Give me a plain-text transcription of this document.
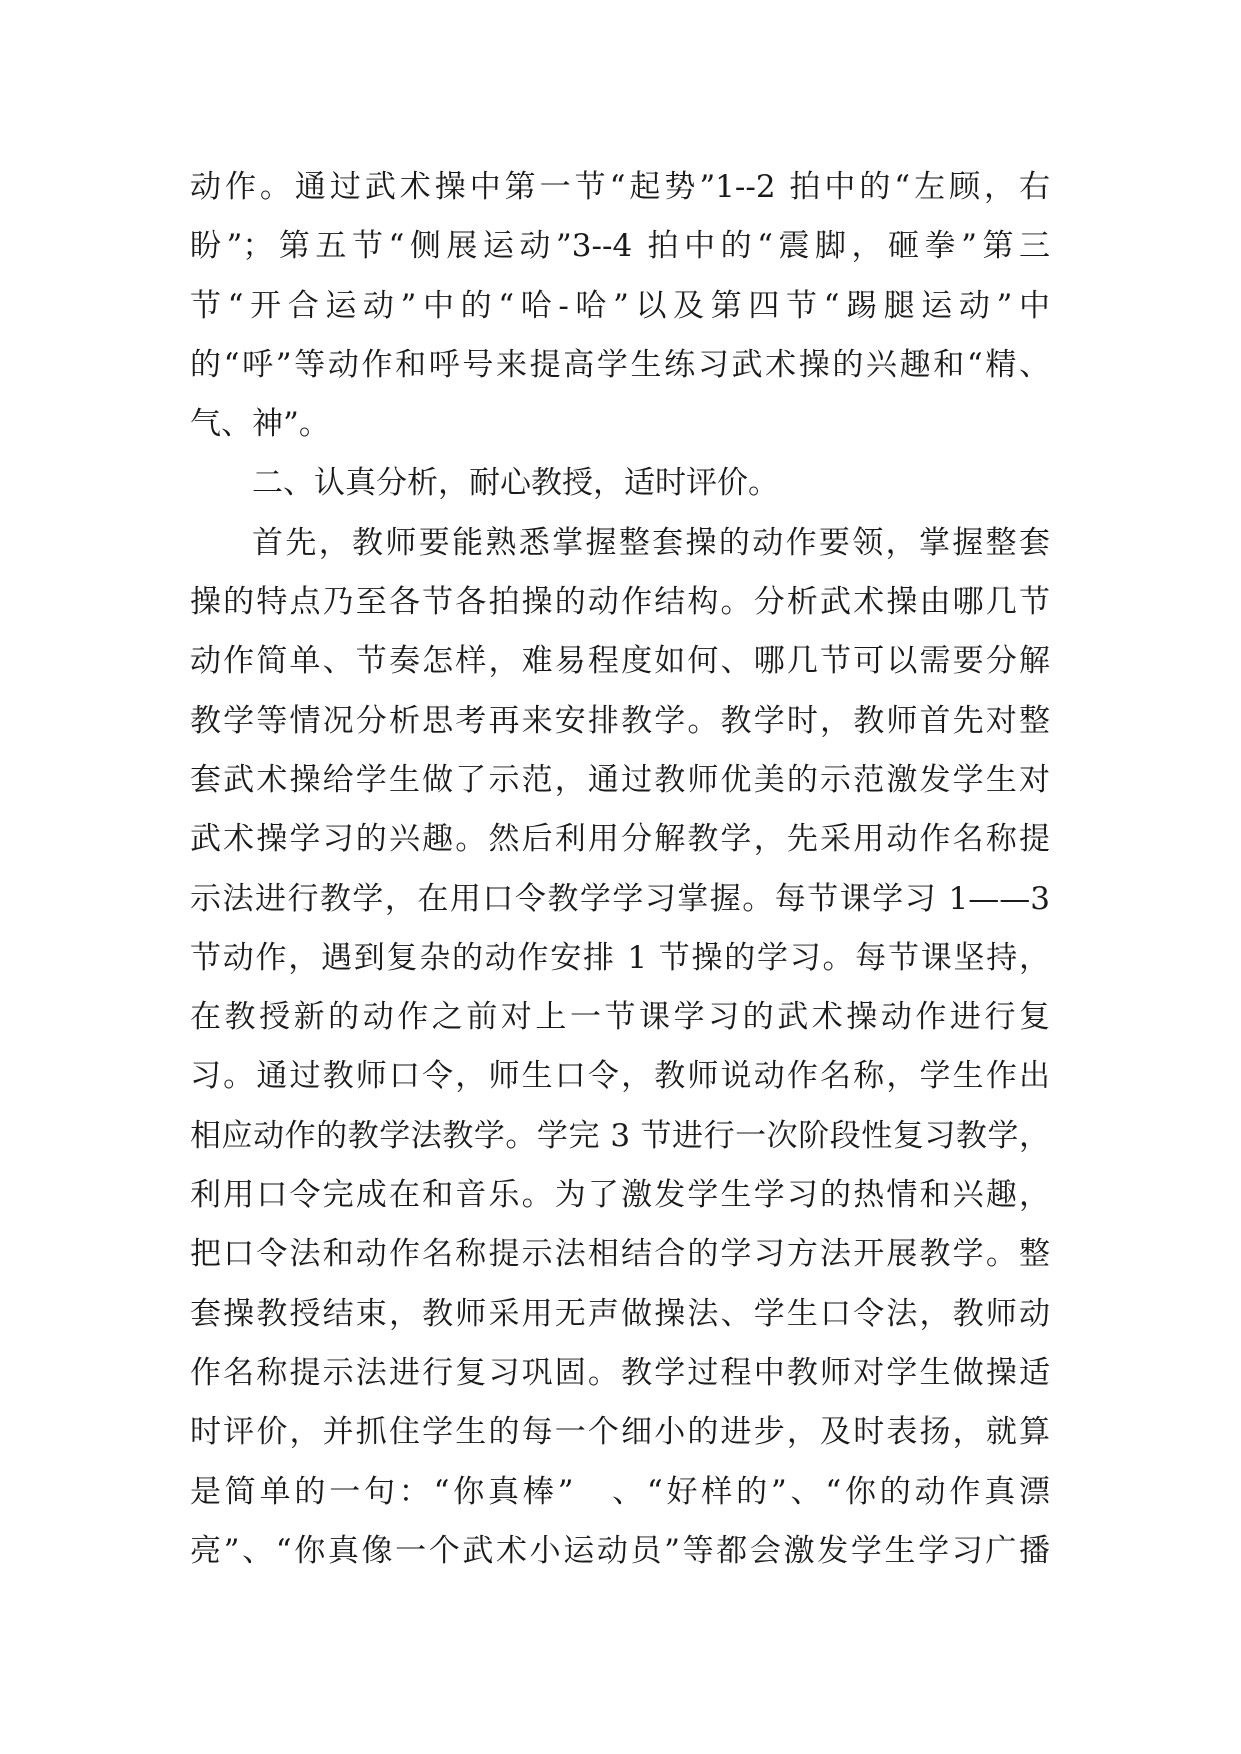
动作。通过武术操中第一节“起势”1--2 拍中的“左顾，右
盼”；第五节“侧展运动”3--4 拍中的“震脚，砸拳”第三
节“开合运动”中的“哈-哈”以及第四节“踢腿运动”中
的“呼”等动作和呼号来提高学生练习武术操的兴趣和“精、
气、神”。
二、认真分析，耐心教授，适时评价。
首先，教师要能熟悉掌握整套操的动作要领，掌握整套
操的特点乃至各节各拍操的动作结构。分析武术操由哪几节
动作简单、节奏怎样，难易程度如何、哪几节可以需要分解
教学等情况分析思考再来安排教学。教学时，教师首先对整
套武术操给学生做了示范，通过教师优美的示范激发学生对
武术操学习的兴趣。然后利用分解教学，先采用动作名称提
示法进行教学，在用口令教学学习掌握。每节课学习 1——3
节动作，遇到复杂的动作安排 1 节操的学习。每节课坚持，
在教授新的动作之前对上一节课学习的武术操动作进行复
习。通过教师口令，师生口令，教师说动作名称，学生作出
相应动作的教学法教学。学完 3 节进行一次阶段性复习教学，
利用口令完成在和音乐。为了激发学生学习的热情和兴趣，
把口令法和动作名称提示法相结合的学习方法开展教学。整
套操教授结束，教师采用无声做操法、学生口令法，教师动
作名称提示法进行复习巩固。教学过程中教师对学生做操适
时评价，并抓住学生的每一个细小的进步，及时表扬，就算
是简单的一句：“你真棒”　、“好样的”、“你的动作真漂
亮”、“你真像一个武术小运动员”等都会激发学生学习广播
